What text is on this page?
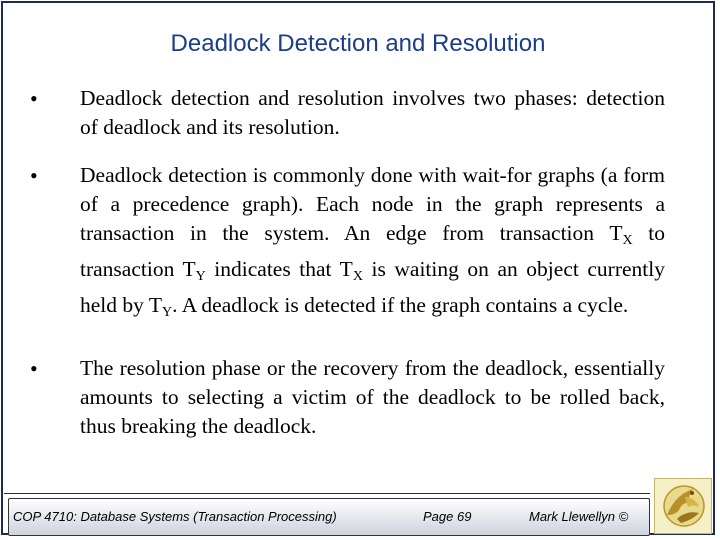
Deadlock Detection and Resolution
• Deadlock detection and resolution involves two phases: detection of deadlock and its resolution.
• Deadlock detection is commonly done with wait-for graphs (a form of a precedence graph). Each node in the graph represents a transaction in the system. An edge from transaction $T_X$ to transaction $T_Y$ indicates that $T_X$ is waiting on an object currently held by $T_Y$. A deadlock is detected if the graph contains a cycle.
• The resolution phase or the recovery from the deadlock, essentially amounts to selecting a victim of the deadlock to be rolled back, thus breaking the deadlock.
COP 4710: Database Systems (Transaction Processing)	Page 69	Mark Llewellyn ©
